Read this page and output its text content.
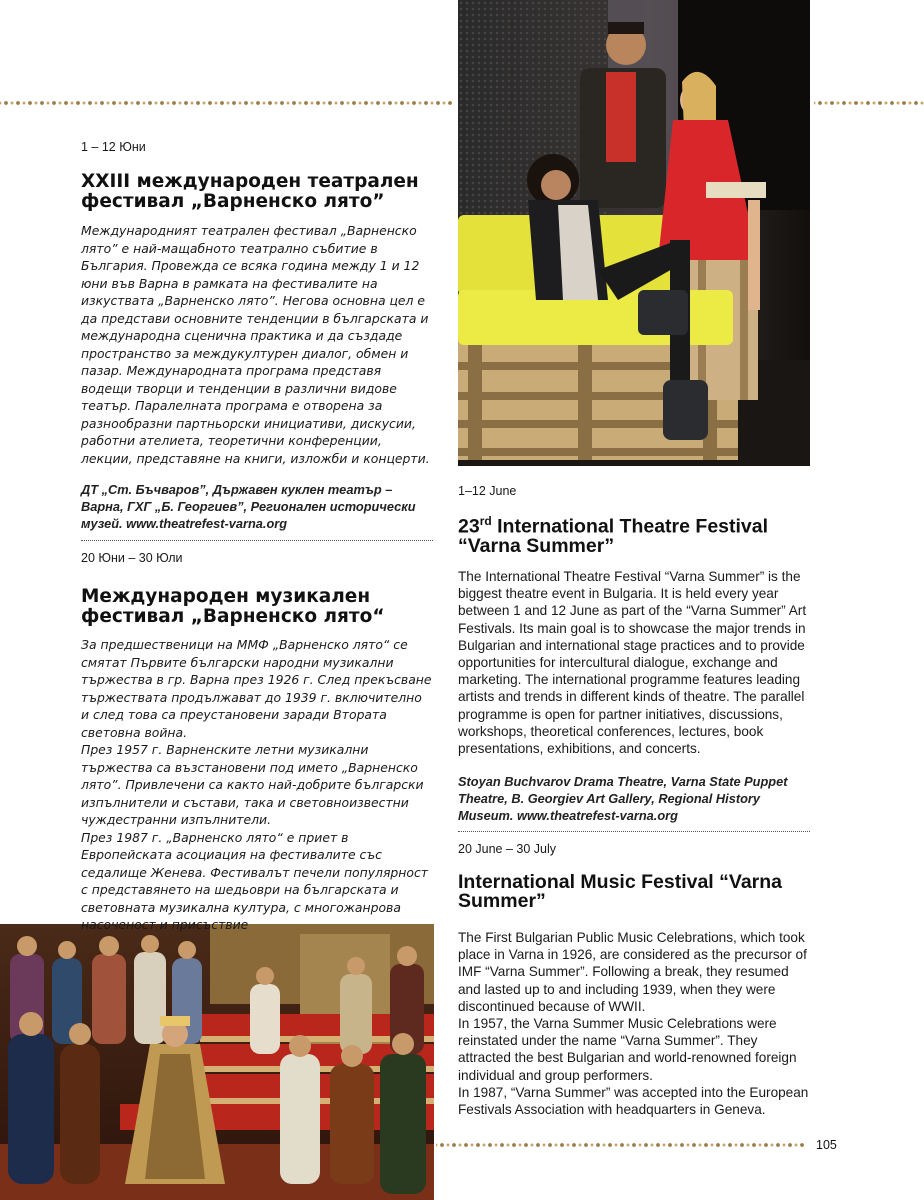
1 – 12 Юни

XXIII международен театрален фестивал „Варненско лято”

Международният театрален фестивал „Варненско лято” е най-мащабното театрално събитие в България. Провежда се всяка година между 1 и 12 юни във Варна в рамката на фестивалите на изкуствата „Варненско лято”. Негова основна цел е да представи основните тенденции в българската и международна сценична практика и да създаде пространство за междукултурен диалог, обмен и пазар. Международната програма представя водещи творци и тенденции в различни видове театър. Паралелната програма е отворена за разнообразни партньорски инициативи, дискусии, работни ателиета, теоретични конференции, лекции, представяне на книги, изложби и концерти.

ДТ „Ст. Бъчваров”, Държавен куклен театър – Варна, ГХГ „Б. Георгиев”, Регионален исторически музей. www.theatrefest-varna.org

20 Юни – 30 Юли

Международен музикален фестивал „Варненско лято“

За предшественици на ММФ „Варненско лято“ се смятат Първите български народни музикални тържества в гр. Варна през 1926 г. След прекъсване тържествата продължават до 1939 г. включително и след това са преустановени заради Втората световна война.

През 1957 г. Варненските летни музикални тържества са възстановени под името „Варненско лято”. Привлечени са както най-добрите български изпълнители и състави, така и световноизвестни чуждестранни изпълнители.

През 1987 г. „Варненско лято“ е приет в Европейската асоциация на фестивалите със седалище Женева. Фестивалът печели популярност с представянето на шедьоври на българската и световната музикална култура, с многожанрова насоченост и присъствие

1–12 June

23rd International Theatre Festival “Varna Summer”

The International Theatre Festival “Varna Summer” is the biggest theatre event in Bulgaria. It is held every year between 1 and 12 June as part of the “Varna Summer” Art Festivals. Its main goal is to showcase the major trends in Bulgarian and international stage practices and to provide opportunities for intercultural dialogue, exchange and marketing. The international programme features leading artists and trends in different kinds of theatre. The parallel programme is open for partner initiatives, discussions, workshops, theoretical conferences, lectures, book presentations, exhibitions, and concerts.

Stoyan Buchvarov Drama Theatre, Varna State Puppet Theatre, B. Georgiev Art Gallery, Regional History Museum. www.theatrefest-varna.org

20 June – 30 July

International Music Festival “Varna Summer”

The First Bulgarian Public Music Celebrations, which took place in Varna in 1926, are considered as the precursor of IMF “Varna Summer”. Following a break, they resumed and lasted up to and including 1939, when they were discontinued because of WWII.

In 1957, the Varna Summer Music Celebrations were reinstated under the name “Varna Summer”. They attracted the best Bulgarian and world-renowned foreign individual and group performers.

In 1987, “Varna Summer” was accepted into the European Festivals Association with headquarters in Geneva.

105
